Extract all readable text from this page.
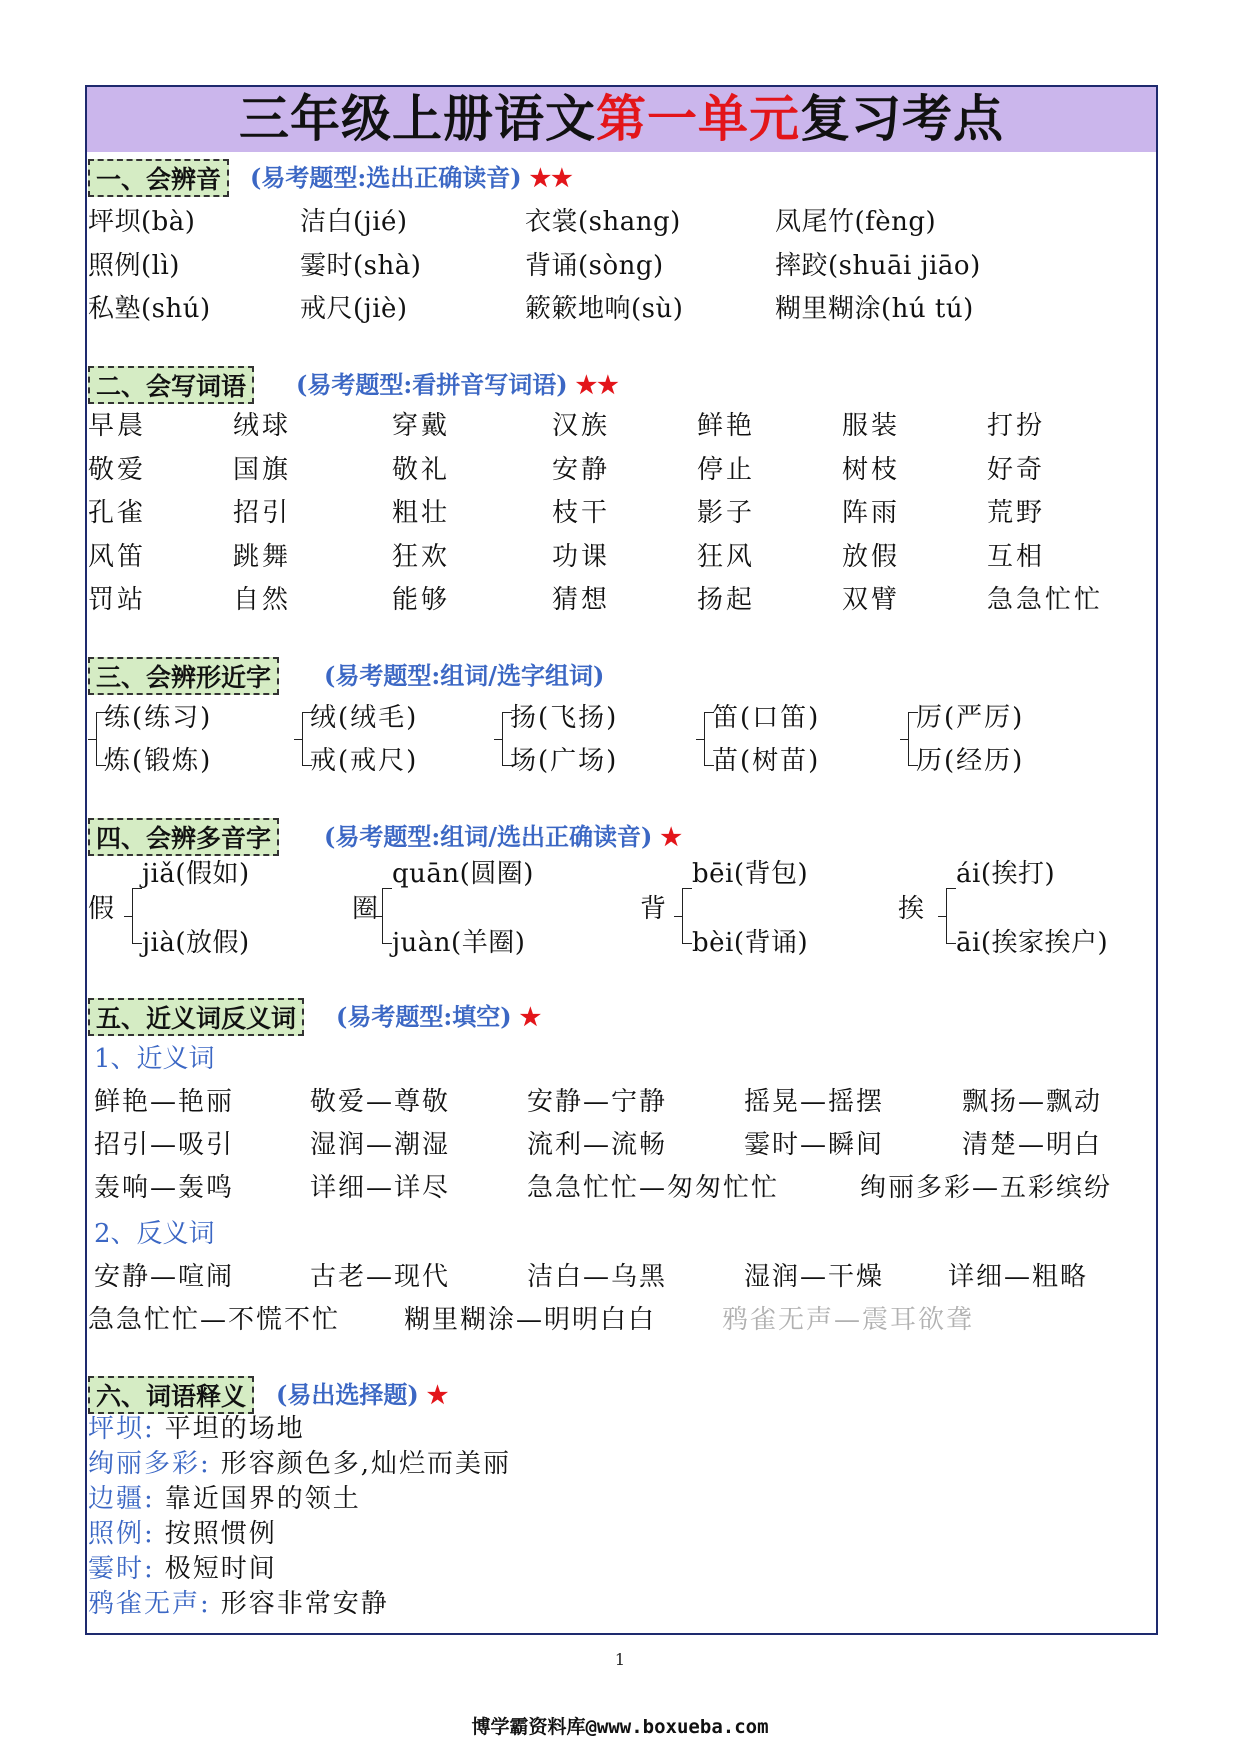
三年级上册语文第一单元复习考点
一、会辨音	(易考题型:选出正确读音) ★★
坪坝(bà)	洁白(jié)	衣裳(shang)	凤尾竹(fèng)
照例(lì)	霎时(shà)	背诵(sòng)	摔跤(shuāi jiāo)
私塾(shú)	戒尺(jiè)	簌簌地响(sù)	糊里糊涂(hú tú)
二、会写词语	(易考题型:看拼音写词语) ★★
早晨	绒球	穿戴	汉族	鲜艳	服装	打扮
敬爱	国旗	敬礼	安静	停止	树枝	好奇
孔雀	招引	粗壮	枝干	影子	阵雨	荒野
风笛	跳舞	狂欢	功课	狂风	放假	互相
罚站	自然	能够	猜想	扬起	双臂	急急忙忙
三、会辨形近字	(易考题型:组词/选字组词)
练(练习)
炼(锻炼)
绒(绒毛)
戒(戒尺)
扬(飞扬)
场(广场)
笛(口笛)
苗(树苗)
厉(严厉)
历(经历)
四、会辨多音字	(易考题型:组词/选出正确读音) ★
假
jiǎ(假如)
jià(放假)
圈
quān(圆圈)
juàn(羊圈)
背
bēi(背包)
bèi(背诵)
挨
ái(挨打)
āi(挨家挨户)
五、近义词反义词	(易考题型:填空) ★
1、近义词
鲜艳—艳丽	敬爱—尊敬	安静—宁静	摇晃—摇摆	飘扬—飘动
招引—吸引	湿润—潮湿	流利—流畅	霎时—瞬间	清楚—明白
轰响—轰鸣	详细—详尽	急急忙忙—匆匆忙忙	绚丽多彩—五彩缤纷
2、反义词
安静—喧闹	古老—现代	洁白—乌黑	湿润—干燥 详细—粗略
急急忙忙—不慌不忙 糊里糊涂—明明白白	鸦雀无声—震耳欲聋
六、词语释义	(易出选择题) ★
坪坝: 平坦的场地
绚丽多彩: 形容颜色多,灿烂而美丽
边疆: 靠近国界的领土
照例: 按照惯例
霎时: 极短时间
鸦雀无声: 形容非常安静
1
博学霸资料库@www.boxueba.com
